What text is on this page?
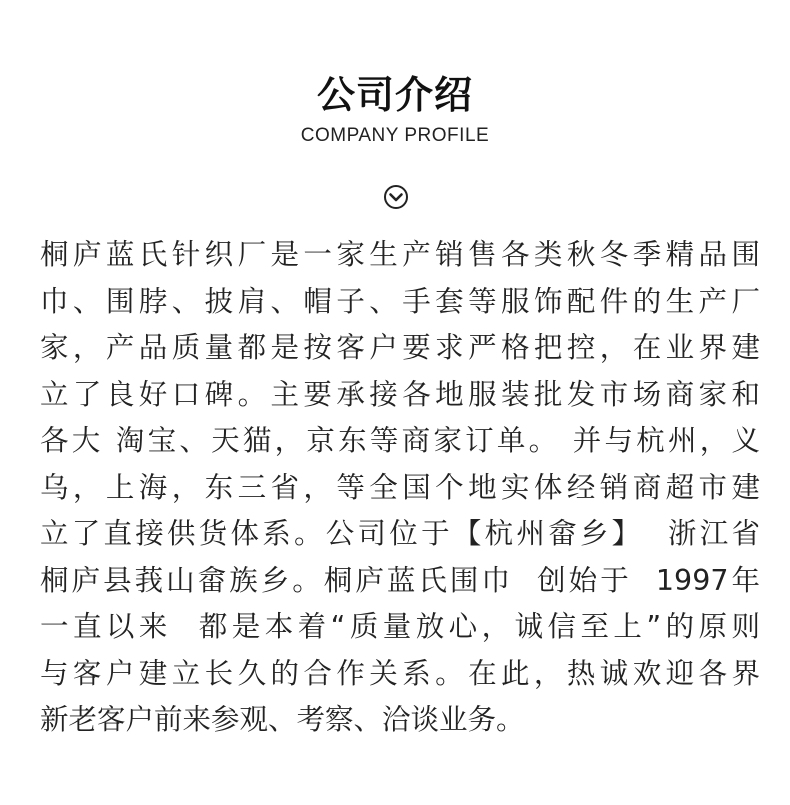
公司介绍
COMPANY PROFILE
桐庐蓝氏针织厂是一家生产销售各类秋冬季精品围
巾、围脖、披肩、帽子、手套等服饰配件的生产厂
家，产品质量都是按客户要求严格把控，在业界建
立了良好口碑。主要承接各地服装批发市场商家和
各大 淘宝、天猫，京东等商家订单。 并与杭州，义
乌，上海，东三省，等全国个地实体经销商超市建
立了直接供货体系。公司位于【杭州畲乡】  浙江省
桐庐县莪山畲族乡。桐庐蓝氏围巾  创始于  1997年
一直以来  都是本着“质量放心，诚信至上”的原则
与客户建立长久的合作关系。在此，热诚欢迎各界
新老客户前来参观、考察、洽谈业务。
